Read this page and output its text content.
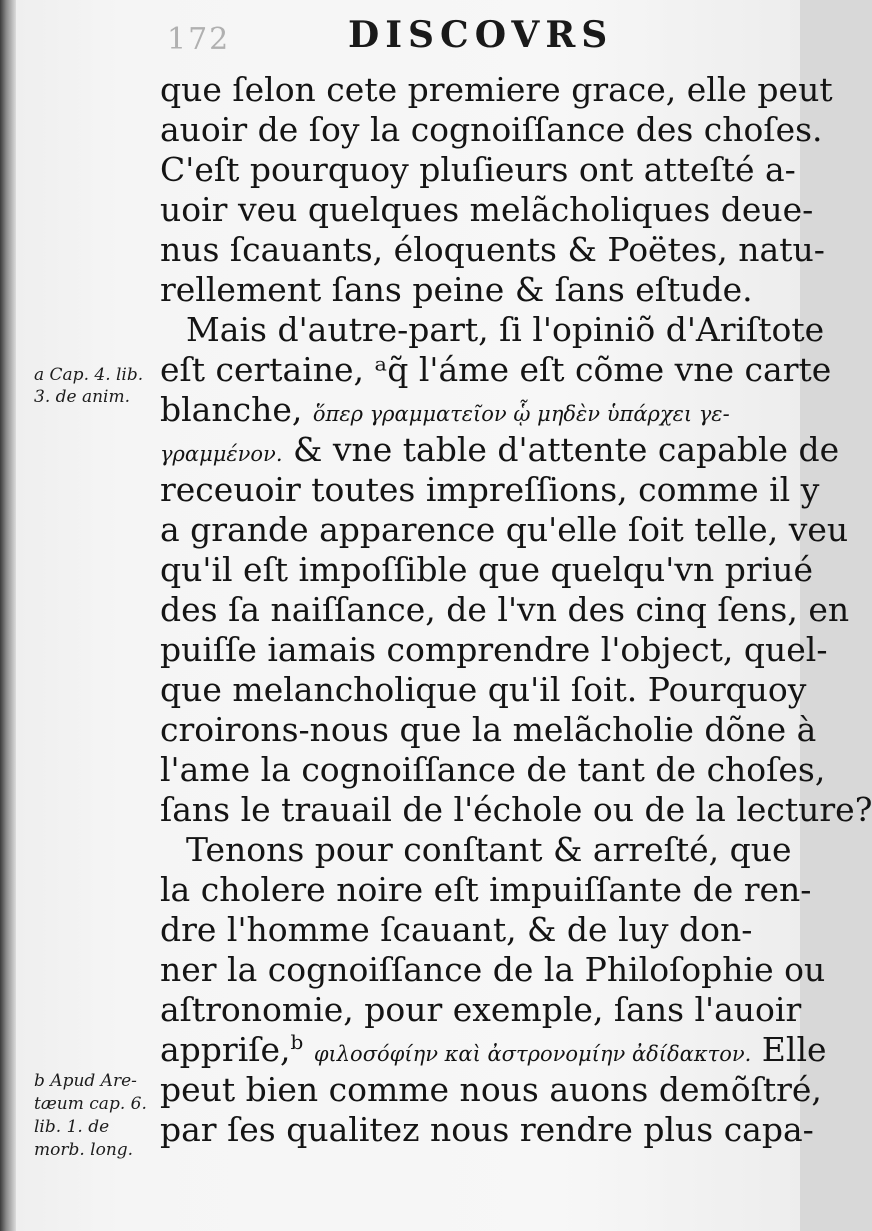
172	DISCOVRS
que ſelon cete premiere grace, elle peut
auoir de ſoy la cognoiſſance des choſes.
C'eſt pourquoy pluſieurs ont atteſté a-
uoir veu quelques melãcholiques deue-
nus ſcauants, éloquents & Poëtes, natu-
rellement ſans peine & ſans eſtude.
Mais d'autre-part, ſi l'opiniõ d'Ariſtote
eſt certaine, ᵃq̃ l'áme eſt cõme vne carte
blanche, ὅπερ γραμματεῖον ᾧ μηδὲν ὑπάρχει γε-
γραμμένον. & vne table d'attente capable de
receuoir toutes impreſſions, comme il y
a grande apparence qu'elle ſoit telle, veu
qu'il eſt impoſſible que quelqu'vn priué
des ſa naiſſance, de l'vn des cinq ſens, en
puiſſe iamais comprendre l'object, quel-
que melancholique qu'il ſoit. Pourquoy
croirons-nous que la melãcholie dõne à
l'ame la cognoiſſance de tant de choſes,
ſans le trauail de l'échole ou de la lecture?
Tenons pour conſtant & arreſté, que
la cholere noire eſt impuiſſante de ren-
dre l'homme ſcauant, & de luy don-
ner la cognoiſſance de la Philoſophie ou
aſtronomie, pour exemple, ſans l'auoir
appriſe,$^b$ φιλοσόφίην καὶ ἀστρονομίην ἀδίδακτον. Elle
peut bien comme nous auons demõſtré,
par ſes qualitez nous rendre plus capa-
a Cap. 4. lib.
3. de anim.
b Apud Are-
tæum cap. 6.
lib. 1. de
morb. long.
